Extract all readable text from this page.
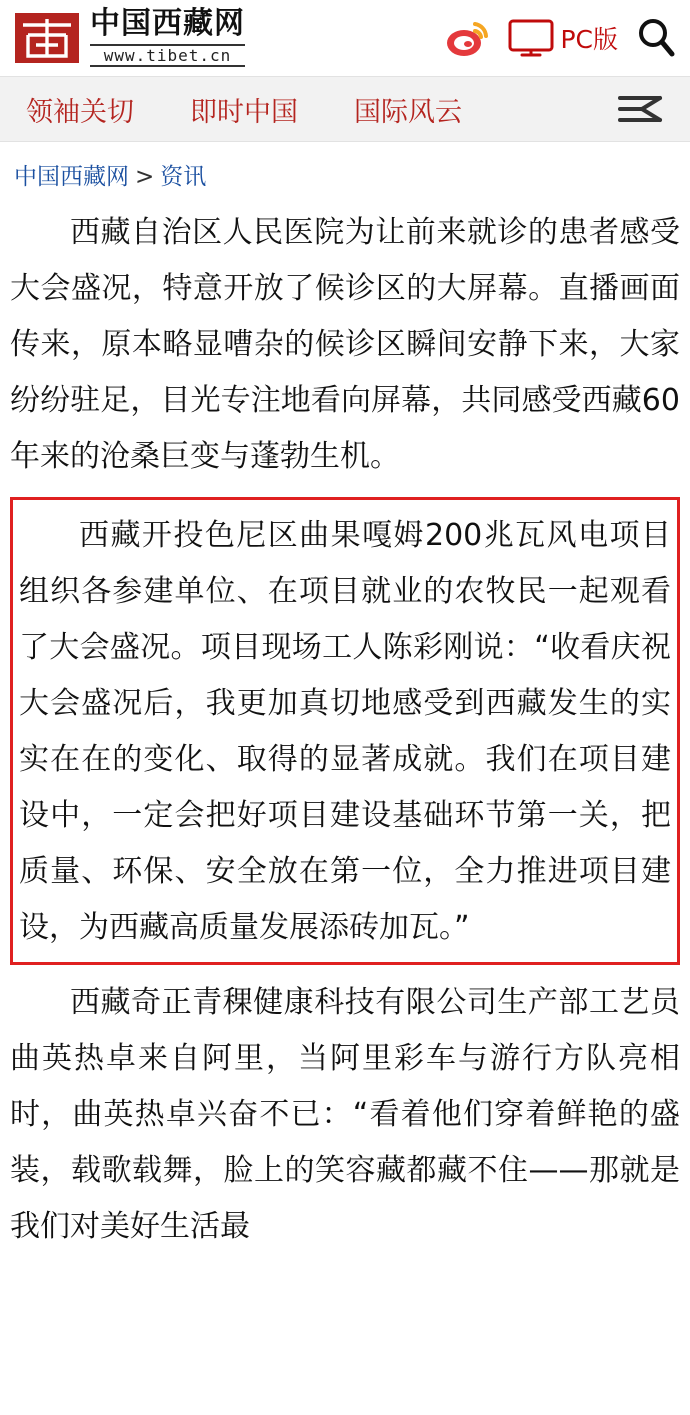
中国西藏网
www.tibet.cn
PC版
领袖关切 即时中国 国际风云
中国西藏网 > 资讯

西藏自治区人民医院为让前来就诊的患者感受大会盛况，特意开放了候诊区的大屏幕。直播画面传来，原本略显嘈杂的候诊区瞬间安静下来，大家纷纷驻足，目光专注地看向屏幕，共同感受西藏60年来的沧桑巨变与蓬勃生机。

西藏开投色尼区曲果嘎姆200兆瓦风电项目组织各参建单位、在项目就业的农牧民一起观看了大会盛况。项目现场工人陈彩刚说：“收看庆祝大会盛况后，我更加真切地感受到西藏发生的实实在在的变化、取得的显著成就。我们在项目建设中，一定会把好项目建设基础环节第一关，把质量、环保、安全放在第一位，全力推进项目建设，为西藏高质量发展添砖加瓦。”

西藏奇正青稞健康科技有限公司生产部工艺员曲英热卓来自阿里，当阿里彩车与游行方队亮相时，曲英热卓兴奋不已：“看着他们穿着鲜艳的盛装，载歌载舞，脸上的笑容藏都藏不住——那就是我们对美好生活最
